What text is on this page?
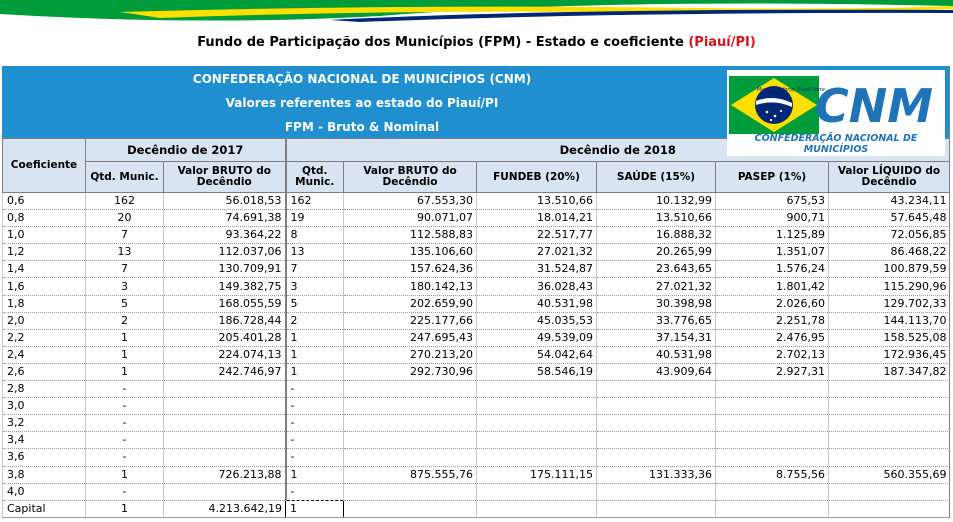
Fundo de Participação dos Municípios (FPM) - Estado e coeficiente (Piauí/PI)
CONFEDERAÇÃO NACIONAL DE MUNICÍPIOS (CNM)
Valores referentes ao estado do Piauí/PI
FPM - Bruto & Nominal
Município forte, Brasil forte
CNM
CONFEDERAÇÃO NACIONAL DE MUNICÍPIOS
Coeficiente	Decêndio de 2017		Decêndio de 2018					
	Qtd. Munic.	Valor BRUTO do Decêndio	Qtd. Munic.	Valor BRUTO do Decêndio	FUNDEB (20%)	SAÚDE (15%)	PASEP (1%)	Valor LÍQUIDO do Decêndio
0,6	162	56.018,53	162	67.553,30	13.510,66	10.132,99	675,53	43.234,11
0,8	20	74.691,38	19	90.071,07	18.014,21	13.510,66	900,71	57.645,48
1,0	7	93.364,22	8	112.588,83	22.517,77	16.888,32	1.125,89	72.056,85
1,2	13	112.037,06	13	135.106,60	27.021,32	20.265,99	1.351,07	86.468,22
1,4	7	130.709,91	7	157.624,36	31.524,87	23.643,65	1.576,24	100.879,59
1,6	3	149.382,75	3	180.142,13	36.028,43	27.021,32	1.801,42	115.290,96
1,8	5	168.055,59	5	202.659,90	40.531,98	30.398,98	2.026,60	129.702,33
2,0	2	186.728,44	2	225.177,66	45.035,53	33.776,65	2.251,78	144.113,70
2,2	1	205.401,28	1	247.695,43	49.539,09	37.154,31	2.476,95	158.525,08
2,4	1	224.074,13	1	270.213,20	54.042,64	40.531,98	2.702,13	172.936,45
2,6	1	242.746,97	1	292.730,96	58.546,19	43.909,64	2.927,31	187.347,82
2,8	-		-					
3,0	-		-					
3,2	-		-					
3,4	-		-					
3,6	-		-					
3,8	1	726.213,88	1	875.555,76	175.111,15	131.333,36	8.755,56	560.355,69
4,0	-		-					
Capital	1	4.213.642,19	1					
